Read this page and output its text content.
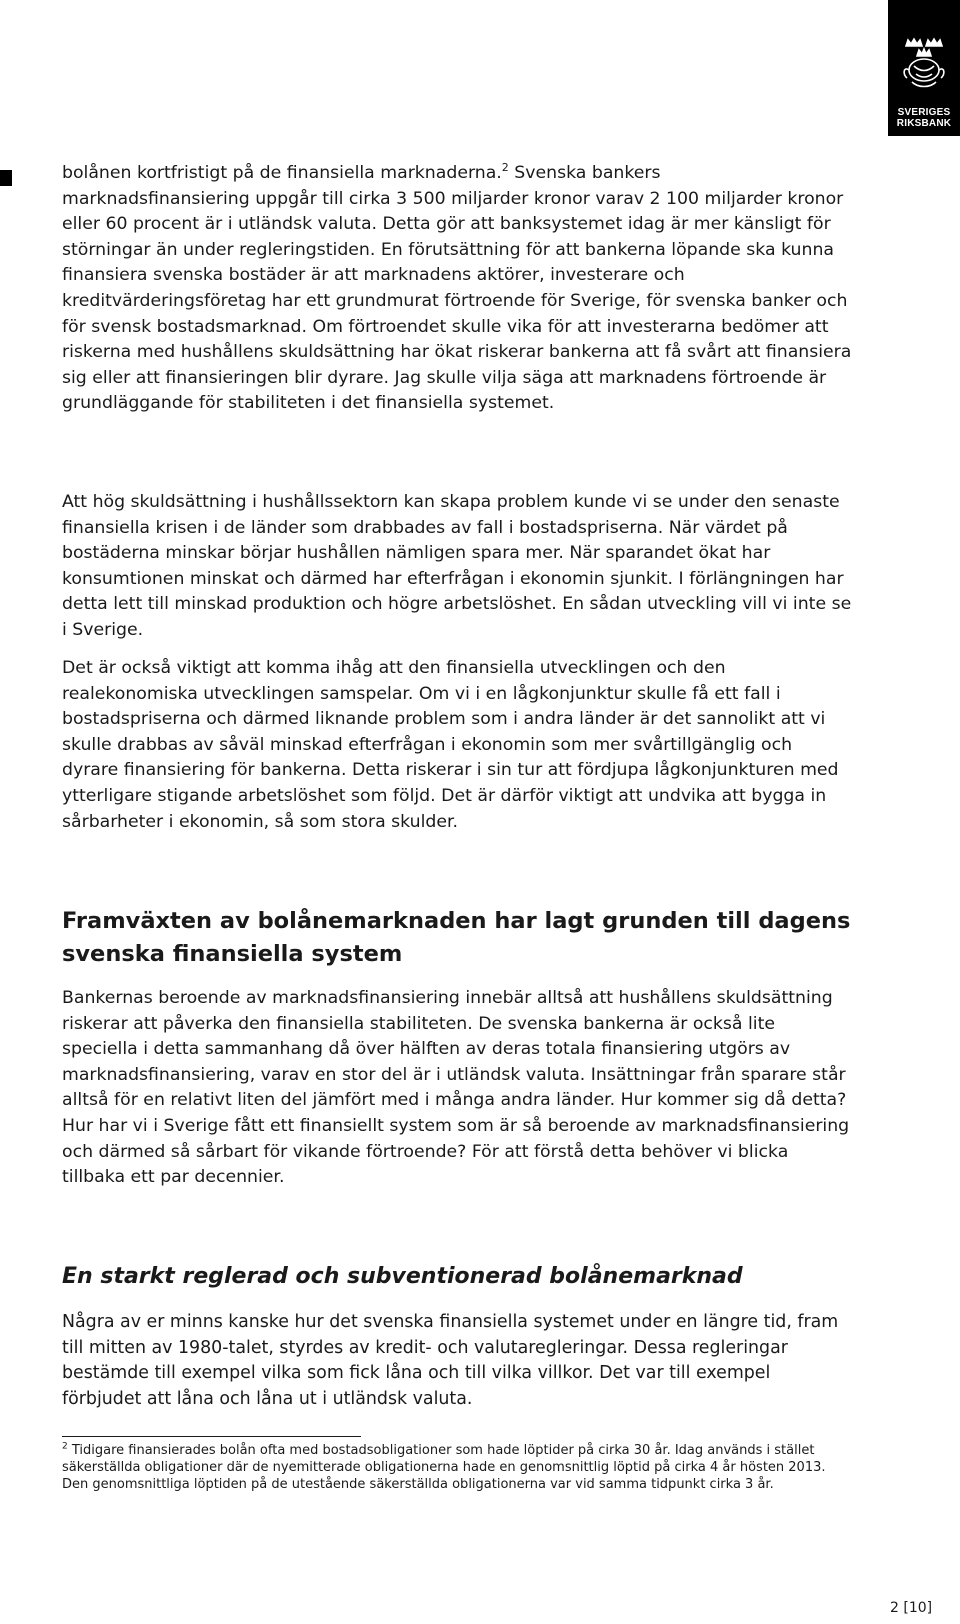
SVERIGES
RIKSBANK

bolånen kortfristigt på de finansiella marknaderna.$^2$ Svenska bankers marknadsfinansiering uppgår till cirka 3 500 miljarder kronor varav 2 100 miljarder kronor eller 60 procent är i utländsk valuta. Detta gör att banksystemet idag är mer känsligt för störningar än under regleringstiden. En förutsättning för att bankerna löpande ska kunna finansiera svenska bostäder är att marknadens aktörer, investerare och kreditvärderingsföretag har ett grundmurat förtroende för Sverige, för svenska banker och för svensk bostadsmarknad. Om förtroendet skulle vika för att investerarna bedömer att riskerna med hushållens skuldsättning har ökat riskerar bankerna att få svårt att finansiera sig eller att finansieringen blir dyrare. Jag skulle vilja säga att marknadens förtroende är grundläggande för stabiliteten i det finansiella systemet.

Att hög skuldsättning i hushållssektorn kan skapa problem kunde vi se under den senaste finansiella krisen i de länder som drabbades av fall i bostadspriserna. När värdet på bostäderna minskar börjar hushållen nämligen spara mer. När sparandet ökat har konsumtionen minskat och därmed har efterfrågan i ekonomin sjunkit. I förlängningen har detta lett till minskad produktion och högre arbetslöshet. En sådan utveckling vill vi inte se i Sverige.

Det är också viktigt att komma ihåg att den finansiella utvecklingen och den realekonomiska utvecklingen samspelar. Om vi i en lågkonjunktur skulle få ett fall i bostadspriserna och därmed liknande problem som i andra länder är det sannolikt att vi skulle drabbas av såväl minskad efterfrågan i ekonomin som mer svårtillgänglig och dyrare finansiering för bankerna. Detta riskerar i sin tur att fördjupa lågkonjunkturen med ytterligare stigande arbetslöshet som följd. Det är därför viktigt att undvika att bygga in sårbarheter i ekonomin, så som stora skulder.

Framväxten av bolånemarknaden har lagt grunden till dagens svenska finansiella system

Bankernas beroende av marknadsfinansiering innebär alltså att hushållens skuldsättning riskerar att påverka den finansiella stabiliteten. De svenska bankerna är också lite speciella i detta sammanhang då över hälften av deras totala finansiering utgörs av marknadsfinansiering, varav en stor del är i utländsk valuta. Insättningar från sparare står alltså för en relativt liten del jämfört med i många andra länder. Hur kommer sig då detta? Hur har vi i Sverige fått ett finansiellt system som är så beroende av marknadsfinansiering och därmed så sårbart för vikande förtroende? För att förstå detta behöver vi blicka tillbaka ett par decennier.

En starkt reglerad och subventionerad bolånemarknad

Några av er minns kanske hur det svenska finansiella systemet under en längre tid, fram till mitten av 1980-talet, styrdes av kredit- och valutaregleringar. Dessa regleringar bestämde till exempel vilka som fick låna och till vilka villkor. Det var till exempel förbjudet att låna och låna ut i utländsk valuta.

$^2$ Tidigare finansierades bolån ofta med bostadsobligationer som hade löptider på cirka 30 år. Idag används i stället säkerställda obligationer där de nyemitterade obligationerna hade en genomsnittlig löptid på cirka 4 år hösten 2013. Den genomsnittliga löptiden på de utestående säkerställda obligationerna var vid samma tidpunkt cirka 3 år.

2 [10]
